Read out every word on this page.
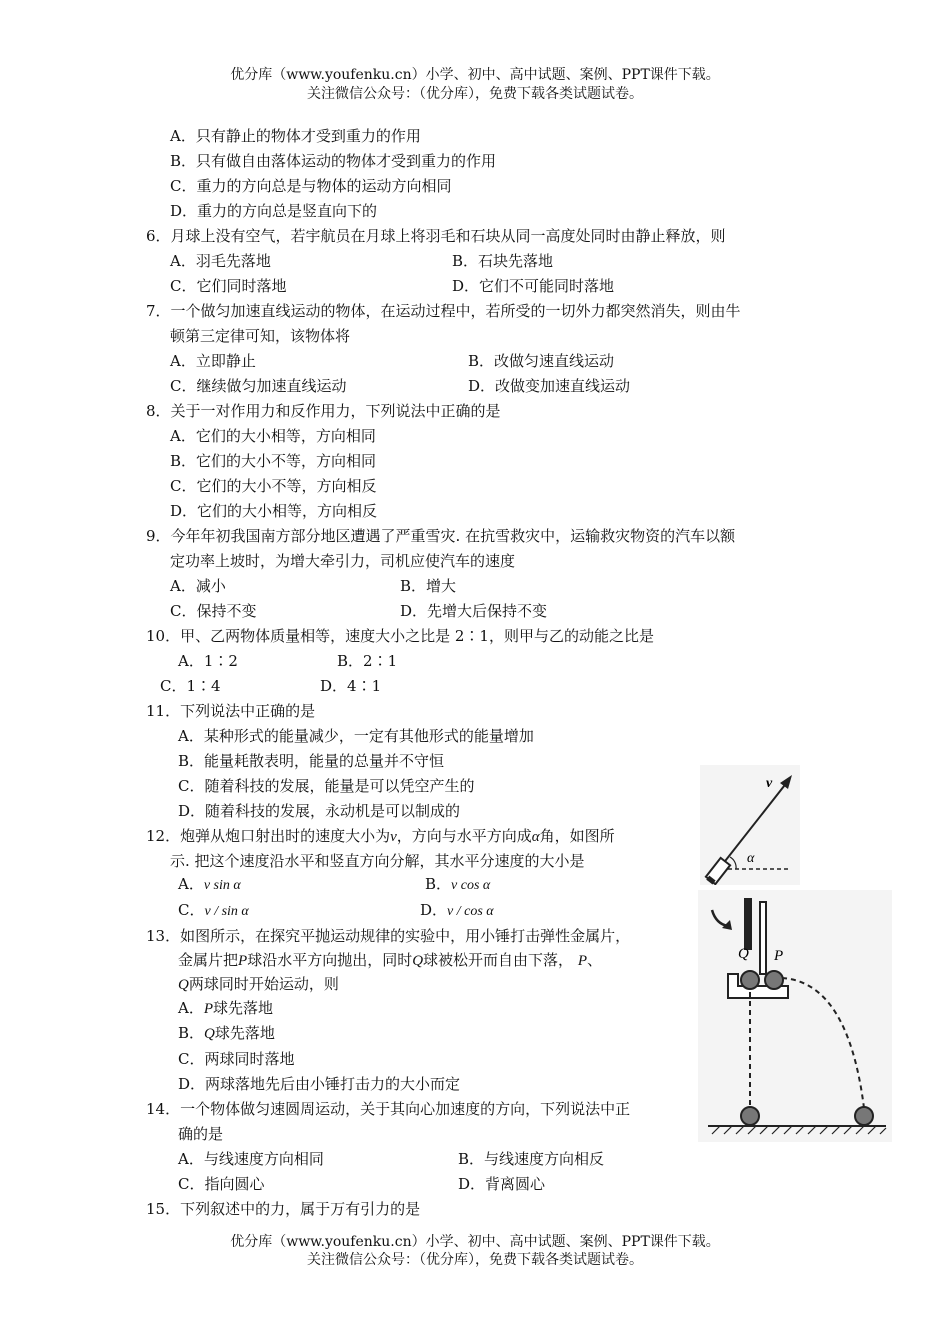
优分库（www.youfenku.cn）小学、初中、高中试题、案例、PPT课件下载。
关注微信公众号：（优分库），免费下载各类试题试卷。
A．只有静止的物体才受到重力的作用
B．只有做自由落体运动的物体才受到重力的作用
C．重力的方向总是与物体的运动方向相同
D．重力的方向总是竖直向下的
6．月球上没有空气，若宇航员在月球上将羽毛和石块从同一高度处同时由静止释放，则
A．羽毛先落地	B．石块先落地
C．它们同时落地	D．它们不可能同时落地
7．一个做匀加速直线运动的物体，在运动过程中，若所受的一切外力都突然消失，则由牛
顿第三定律可知，该物体将
A．立即静止	B．改做匀速直线运动
C．继续做匀加速直线运动	D．改做变加速直线运动
8．关于一对作用力和反作用力，下列说法中正确的是
A．它们的大小相等，方向相同
B．它们的大小不等，方向相同
C．它们的大小不等，方向相反
D．它们的大小相等，方向相反
9．今年年初我国南方部分地区遭遇了严重雪灾. 在抗雪救灾中，运输救灾物资的汽车以额
定功率上坡时，为增大牵引力，司机应使汽车的速度
A．减小	B．增大
C．保持不变	D．先增大后保持不变
10．甲、乙两物体质量相等，速度大小之比是 2∶1，则甲与乙的动能之比是
A．1∶2	B．2∶1
C．1∶4	D．4∶1
11．下列说法中正确的是
A．某种形式的能量减少，一定有其他形式的能量增加
B．能量耗散表明，能量的总量并不守恒
C．随着科技的发展，能量是可以凭空产生的
D．随着科技的发展，永动机是可以制成的
12．炮弹从炮口射出时的速度大小为v，方向与水平方向成α角，如图所
示. 把这个速度沿水平和竖直方向分解，其水平分速度的大小是
A．v sin α	B．v cos α
C．v / sin α	D．v / cos α
13．如图所示，在探究平抛运动规律的实验中，用小锤打击弹性金属片，
金属片把P球沿水平方向抛出，同时Q球被松开而自由下落， P、
Q两球同时开始运动，则
A．P球先落地
B．Q球先落地
C．两球同时落地
D．两球落地先后由小锤打击力的大小而定
14．一个物体做匀速圆周运动，关于其向心加速度的方向，下列说法中正
确的是
A．与线速度方向相同	B．与线速度方向相反
C．指向圆心	D．背离圆心
15．下列叙述中的力，属于万有引力的是
优分库（www.youfenku.cn）小学、初中、高中试题、案例、PPT课件下载。
关注微信公众号：（优分库），免费下载各类试题试卷。
α
v
Q P
